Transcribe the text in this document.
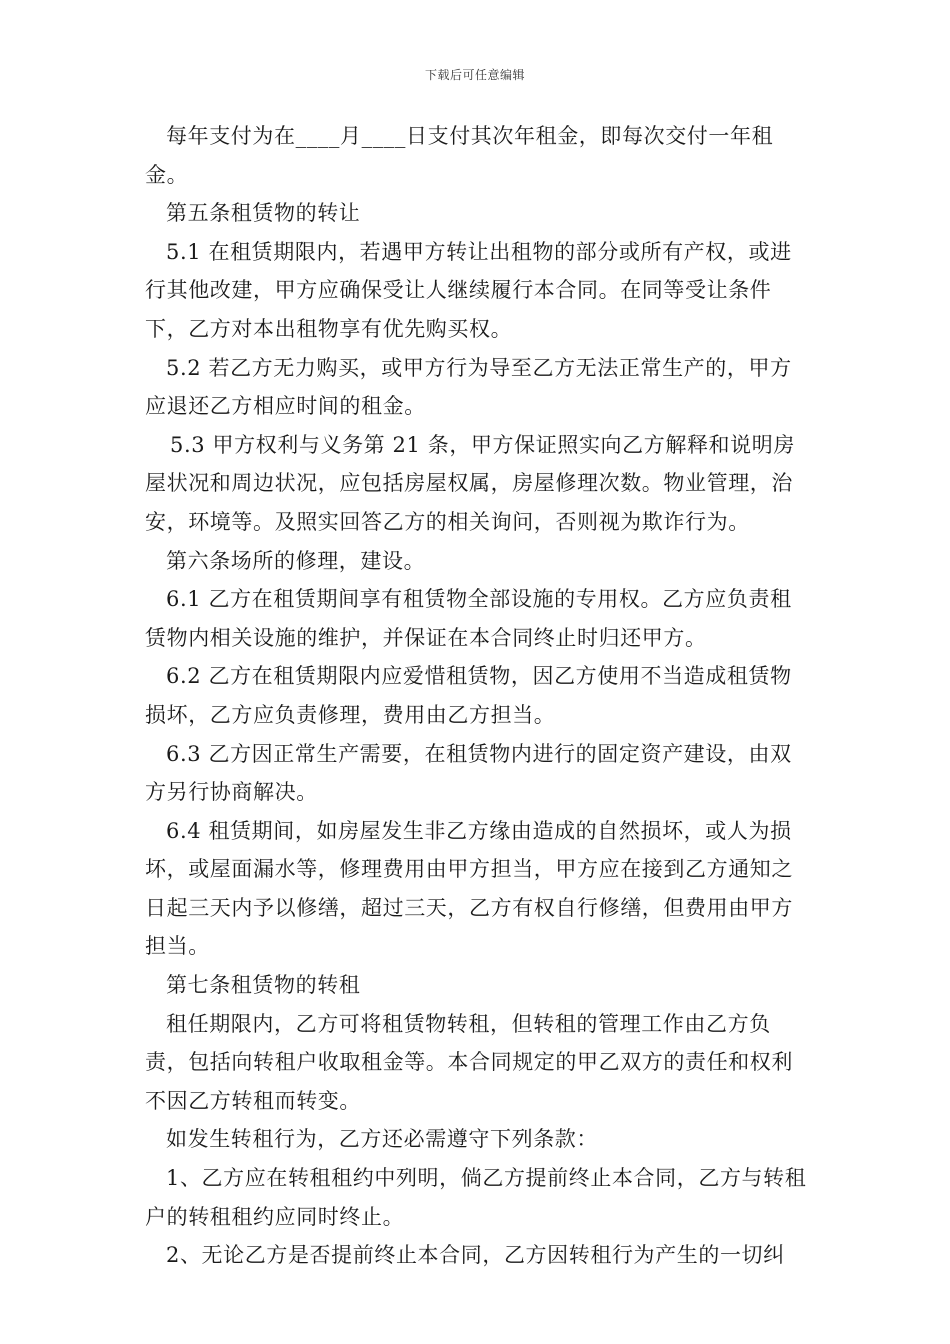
下载后可任意编辑

每年支付为在____月____日支付其次年租金，即每次交付一年租金。

第五条租赁物的转让

5.1 在租赁期限内，若遇甲方转让出租物的部分或所有产权，或进行其他改建，甲方应确保受让人继续履行本合同。在同等受让条件下，乙方对本出租物享有优先购买权。

5.2 若乙方无力购买，或甲方行为导至乙方无法正常生产的，甲方应退还乙方相应时间的租金。

5.3 甲方权利与义务第 21 条，甲方保证照实向乙方解释和说明房屋状况和周边状况，应包括房屋权属，房屋修理次数。物业管理，治安，环境等。及照实回答乙方的相关询问，否则视为欺诈行为。

第六条场所的修理，建设。

6.1 乙方在租赁期间享有租赁物全部设施的专用权。乙方应负责租赁物内相关设施的维护，并保证在本合同终止时归还甲方。

6.2 乙方在租赁期限内应爱惜租赁物，因乙方使用不当造成租赁物损坏，乙方应负责修理，费用由乙方担当。

6.3 乙方因正常生产需要，在租赁物内进行的固定资产建设，由双方另行协商解决。

6.4 租赁期间，如房屋发生非乙方缘由造成的自然损坏，或人为损坏，或屋面漏水等，修理费用由甲方担当，甲方应在接到乙方通知之日起三天内予以修缮，超过三天，乙方有权自行修缮，但费用由甲方担当。

第七条租赁物的转租

租任期限内，乙方可将租赁物转租，但转租的管理工作由乙方负责，包括向转租户收取租金等。本合同规定的甲乙双方的责任和权利不因乙方转租而转变。

如发生转租行为，乙方还必需遵守下列条款：

1、乙方应在转租租约中列明，倘乙方提前终止本合同，乙方与转租户的转租租约应同时终止。

2、无论乙方是否提前终止本合同，乙方因转租行为产生的一切纠
